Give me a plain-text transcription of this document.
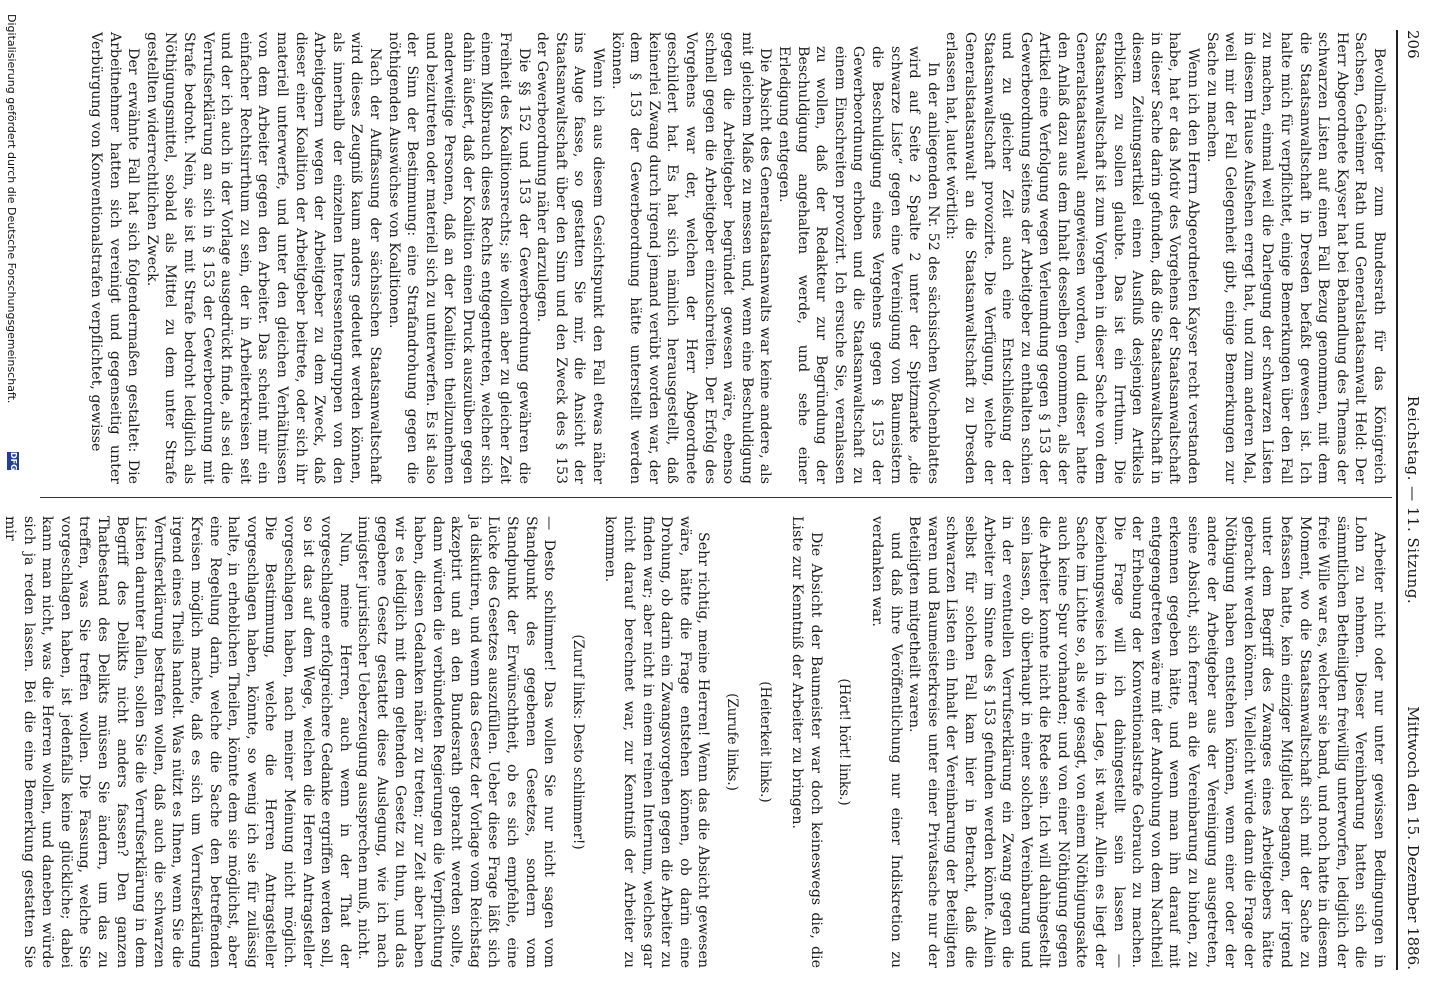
206
Reichstag. — 11. Sitzung.
Mittwoch den 15. Dezember 1886.

Bevollmächtigter zum Bundesrath für das Königreich Sachsen, Geheimer Rath und Generalstaatsanwalt Held: Der Herr Abgeordnete Kayser hat bei Behandlung des Themas der schwarzen Listen auf einen Fall Bezug genommen, mit dem die Staatsanwaltschaft in Dresden befaßt gewesen ist. Ich halte mich für verpflichtet, einige Bemerkungen über den Fall zu machen, einmal weil die Darlegung der schwarzen Listen in diesem Hause Aufsehen erregt hat, und zum anderen Mal, weil mir der Fall Gelegenheit gibt, einige Bemerkungen zur Sache zu machen.

Wenn ich den Herrn Abgeordneten Kayser recht verstanden habe, hat er das Motiv des Vorgehens der Staatsanwaltschaft in dieser Sache darin gefunden, daß die Staatsanwaltschaft in diesem Zeitungsartikel einen Ausfluß desjenigen Artikels erblicken zu sollen glaubte. Das ist ein Irrthum. Die Staatsanwaltschaft ist zum Vorgehen in dieser Sache von dem Generalstaatsanwalt angewiesen worden, und dieser hatte den Anlaß dazu aus dem Inhalt desselben genommen, als der Artikel eine Verfolgung wegen Verleumdung gegen § 153 der Gewerbeordnung seitens der Arbeitgeber zu enthalten schien und zu gleicher Zeit auch eine Entschließung der Staatsanwaltschaft provozirte. Die Verfügung, welche der Generalstaatsanwalt an die Staatsanwaltschaft zu Dresden erlassen hat, lautet wörtlich:

In der anliegenden Nr. 52 des sächsischen Wochenblattes wird auf Seite 2 Spalte 2 unter der Spitzmarke „die schwarze Liste“ gegen eine Vereinigung von Baumeistern die Beschuldigung eines Vergehens gegen § 153 der Gewerbeordnung erhoben und die Staatsanwaltschaft zu einem Einschreiten provozirt. Ich ersuche Sie, veranlassen zu wollen, daß der Redakteur zur Begründung der Beschuldigung angehalten werde, und sehe einer Erledigung entgegen.

Die Absicht des Generalstaatsanwalts war keine andere, als mit gleichem Maße zu messen und, wenn eine Beschuldigung gegen die Arbeitgeber begründet gewesen wäre, ebenso schnell gegen die Arbeitgeber einzuschreiten. Der Erfolg des Vorgehens war der, welchen der Herr Abgeordnete geschildert hat. Es hat sich nämlich herausgestellt, daß keinerlei Zwang durch irgend jemand verübt worden war, der dem § 153 der Gewerbeordnung hätte unterstellt werden können.

Wenn ich aus diesem Gesichtspunkt den Fall etwas näher ins Auge fasse, so gestatten Sie mir, die Ansicht der Staatsanwaltschaft über den Sinn und den Zweck des § 153 der Gewerbeordnung näher darzulegen.

Die §§ 152 und 153 der Gewerbeordnung gewähren die Freiheit des Koalitionsrechts; sie wollen aber zu gleicher Zeit einem Mißbrauch dieses Rechts entgegentreten, welcher sich dahin äußert, daß der Koalition einen Druck auszuüben gegen anderweitige Personen, daß an der Koalition theilzunehmen und beizutreten oder materiell sich zu unterwerfen. Es ist also der Sinn der Bestimmung: eine Strafandrohung gegen die nöthigenden Auswüchse von Koalitionen.

Nach der Auffassung der sächsischen Staatsanwaltschaft wird dieses Zeugniß kaum anders gedeutet werden können, als innerhalb der einzelnen Interessentengruppen von den Arbeitgebern wegen der Arbeitgeber zu dem Zweck, daß dieser einer Koalition der Arbeitgeber beitrete, oder sich ihr materiell unterwerfe, und unter den gleichen Verhältnissen von dem Arbeiter gegen den Arbeiter. Das scheint mir ein einfacher Rechtsirrthum zu sein, der in Arbeiterkreisen seit und der ich auch in der Vorlage ausgedrückt finde, als sei die Verrufserklärung an sich in § 153 der Gewerbeordnung mit Strafe bedroht. Nein, sie ist mit Strafe bedroht lediglich als Nöthigungsmittel, sobald als Mittel zu dem unter Strafe gestellten widerrechtlichen Zweck.

Der erwähnte Fall hat sich folgendermaßen gestaltet: Die Arbeitnehmer hatten sich vereinigt und gegenseitig unter Verbürgung von Konventionalstrafen verpflichtet, gewisse

Arbeiter nicht oder nur unter gewissen Bedingungen in Lohn zu nehmen. Dieser Vereinbarung hatten sich die sämmtlichen Betheiligten freiwillig unterworfen, lediglich der freie Wille war es, welcher sie band, und noch hatte in diesem Moment, wo die Staatsanwaltschaft sich mit der Sache zu befassen hatte, kein einziger Mitglied begangen, der irgend unter dem Begriff des Zwanges eines Arbeitgebers hätte gebracht werden können. Vielleicht würde dann die Frage der Nöthigung haben entstehen können, wenn einer oder der andere der Arbeitgeber aus der Vereinigung ausgetreten, seine Absicht, sich ferner an die Vereinbarung zu binden, zu erkennen gegeben hätte, und wenn man ihn darauf mit entgegengetreten wäre mit der Androhung von dem Nachtheil der Erhebung der Konventionalstrafe Gebrauch zu machen. Die Frage will ich dahingestellt sein lassen — beziehungsweise ich in der Lage, ist wahr. Allein es liegt der Sache im Lichte so, als wie gesagt, von einem Nöthigungsakte auch keine Spur vorhanden; und von einer Nöthigung gegen die Arbeiter konnte nicht die Rede sein. Ich will dahingestellt sein lassen, ob überhaupt in einer solchen Vereinbarung und in der eventuellen Verrufserklärung ein Zwang gegen die Arbeiter im Sinne des § 153 gefunden werden könnte. Allein selbst für solchen Fall kam hier in Betracht, daß die schwarzen Listen ein Inhalt der Vereinbarung der Beteiligten waren und Baumeisterkreise unter einer Privatsache nur der Beteiligten mitgetheilt waren.

und daß ihre Veröffentlichung nur einer Indiskretion zu verdanken war.

(Hört! hört! links.)

Die Absicht der Baumeister war doch keineswegs die, die Liste zur Kenntniß der Arbeiter zu bringen.

(Heiterkeit links.)

(Zurufe links.)

Sehr richtig, meine Herren! Wenn das die Absicht gewesen wäre, hätte die Frage entstehen können, ob darin eine Drohung, ob darin ein Zwangsvorgehen gegen die Arbeiter zu finden war; aber nicht in einem reinen Internum, welches gar nicht darauf berechnet war, zur Kenntniß der Arbeiter zu kommen.

(Zuruf links: Desto schlimmer!)

— Desto schlimmer! Das wollen Sie nur nicht sagen vom Standpunkt des gegebenen Gesetzes, sondern vom Standpunkt der Erwünschtheit, ob es sich empfehle, eine Lücke des Gesetzes auszufüllen. Ueber diese Frage läßt sich ja diskutiren, und wenn das Gesetz der Vorlage vom Reichstag akzeptirt und an den Bundesrath gebracht werden sollte, dann würden die verbündeten Regierungen die Verpflichtung haben, diesen Gedanken näher zu treten; zur Zeit aber haben wir es lediglich mit dem geltenden Gesetz zu thun, und das gegebene Gesetz gestattet diese Auslegung, wie ich nach innigster juristischer Ueberzeugung aussprechen muß, nicht.

Nun, meine Herren, auch wenn in der That der vorgeschlagene erfolgreichere Gedanke ergriffen werden soll, so ist das auf dem Wege, welchen die Herren Antragsteller vorgeschlagen haben, nach meiner Meinung nicht möglich. Die Bestimmung, welche die Herren Antragsteller vorgeschlagen haben, könnte, so wenig ich sie für zulässig halte, in erheblichen Theilen, könnte dem sie möglichst, aber eine Regelung darin, welche die Sache den betreffenden Kreisen möglich machte, daß es sich um Verrufserklärung irgend eines Theils handelt. Was nützt es Ihnen, wenn Sie die Verrufserklärung bestrafen wollen, daß auch die schwarzen Listen darunter fallen, sollen Sie die Verrufserklärung in dem Begriff des Delikts nicht anders fassen? Den ganzen Thatbestand des Delikts müssen Sie ändern, um das zu treffen, was Sie treffen wollen. Die Fassung, welche Sie vorgeschlagen haben, ist jedenfalls keine glückliche; dabei kann man nicht, was die Herren wollen, und daneben würde sich ja reden lassen. Bei die eine Bemerkung gestatten Sie mir

Digitalisierung gefördert durch die Deutsche Forschungsgemeinschaft.
DFG
